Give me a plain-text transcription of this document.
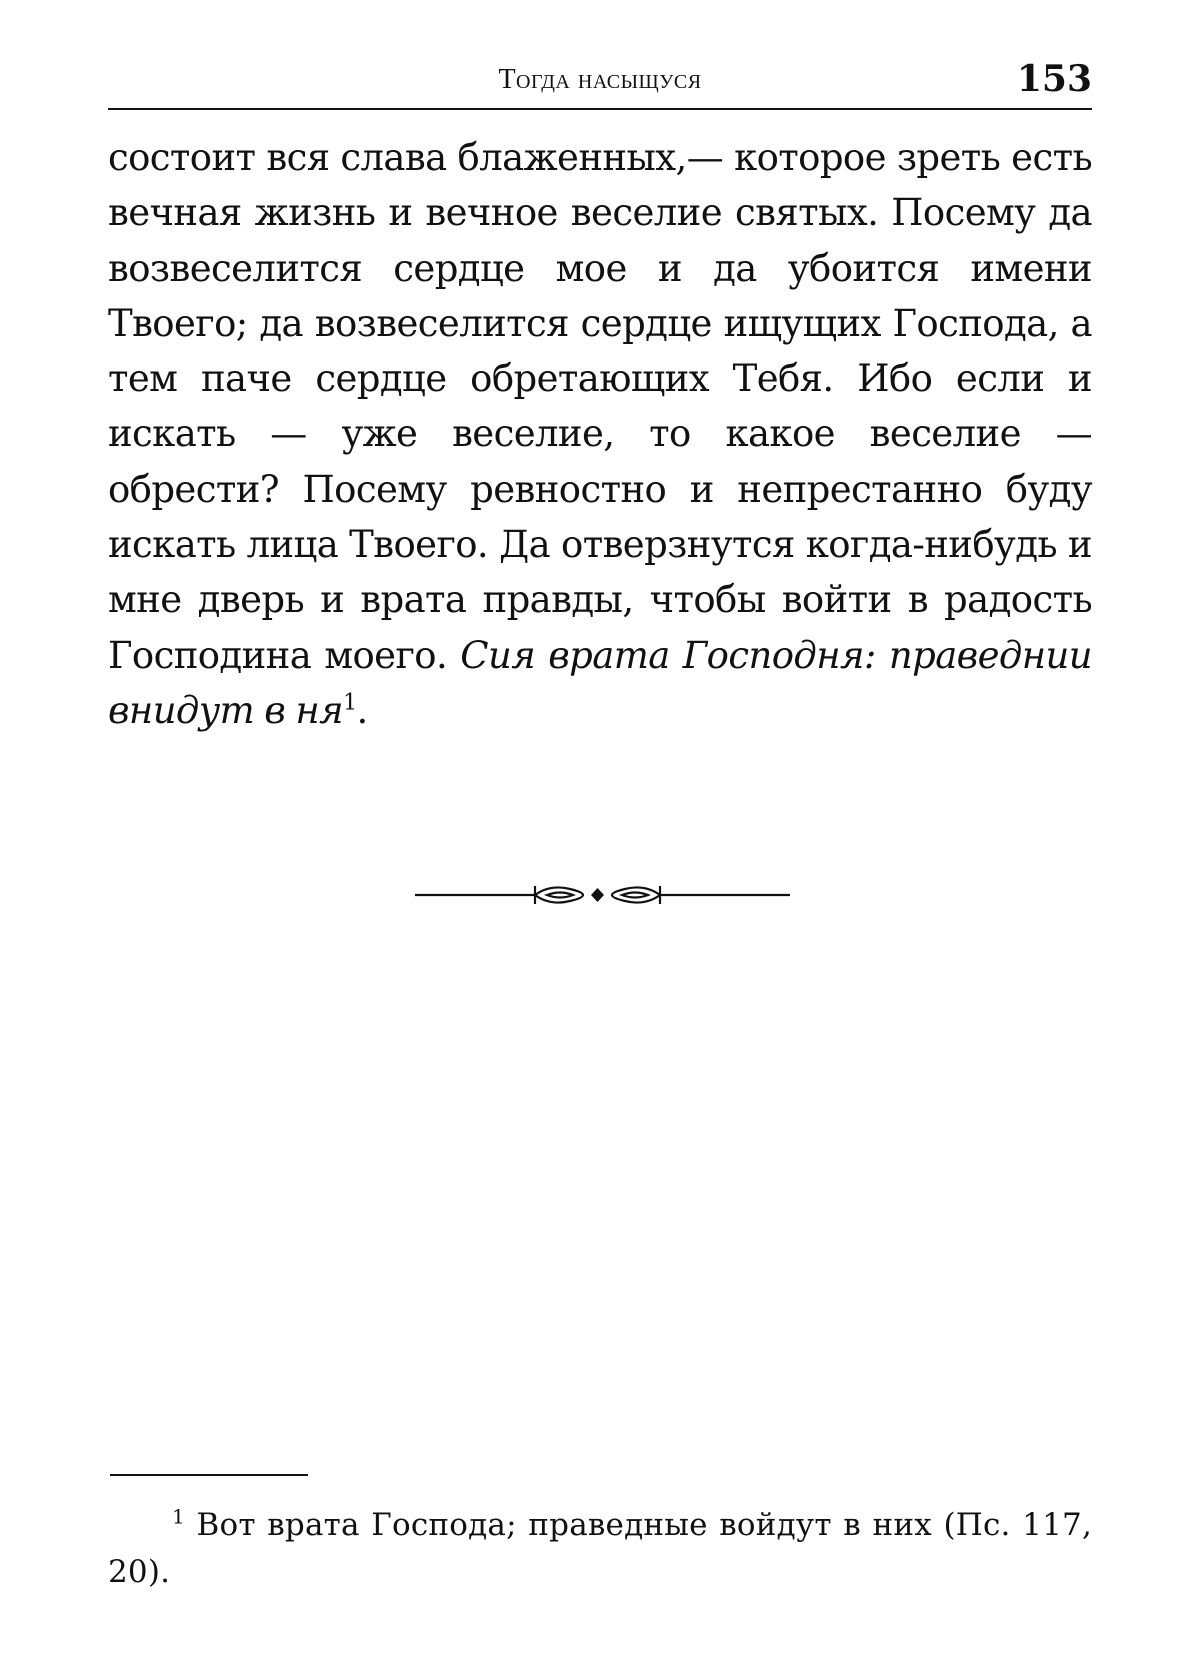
Тогда насыщуся	153

состоит вся слава блаженных,— которое зреть есть вечная жизнь и вечное веселие святых. Посему да возвеселится сердце мое и да убоится имени Твоего; да возвеселится сердце ищущих Господа, а тем паче сердце обретающих Тебя. Ибо если и искать — уже веселие, то какое веселие — обрести? Посему ревностно и непрестанно буду искать лица Твоего. Да отверзнутся когда-нибудь и мне дверь и врата правды, чтобы войти в радость Господина моего. Сия врата Господня: праведнии внидут в $ня^1$.

$^1$ Вот врата Господа; праведные войдут в них (Пс. 117, 20).
